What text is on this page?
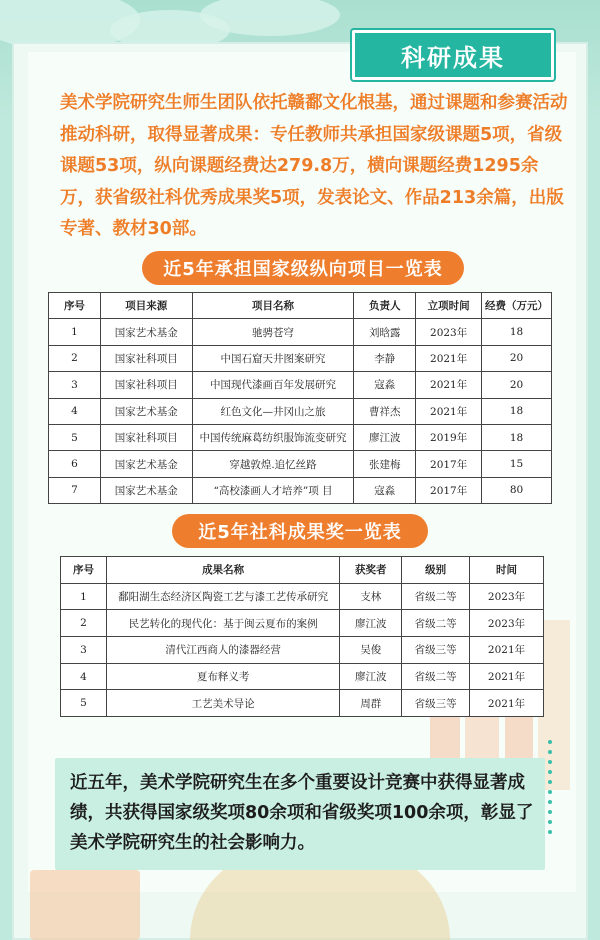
科研成果
美术学院研究生师生团队依托赣鄱文化根基，通过课题和参赛活动推动科研，取得显著成果：专任教师共承担国家级课题5项，省级课题53项，纵向课题经费达279.8万，横向课题经费1295余万，获省级社科优秀成果奖5项，发表论文、作品213余篇，出版专著、教材30部。
近5年承担国家级纵向项目一览表
序号	项目来源	项目名称	负责人	立项时间	经费（万元）
1	国家艺术基金	驰骋苍穹	刘晗露	2023年	18
2	国家社科项目	中国石窟天井图案研究	李静	2021年	20
3	国家社科项目	中国现代漆画百年发展研究	寇淼	2021年	20
4	国家艺术基金	红色文化—井冈山之旅	曹祥杰	2021年	18
5	国家社科项目	中国传统麻葛纺织服饰流变研究	廖江波	2019年	18
6	国家艺术基金	穿越敦煌.追忆丝路	张建梅	2017年	15
7	国家艺术基金	“高校漆画人才培养”项 目	寇淼	2017年	80
近5年社科成果奖一览表
序号	成果名称	获奖者	级别	时间
1	鄱阳湖生态经济区陶瓷工艺与漆工艺传承研究	支林	省级二等	2023年
2	民艺转化的现代化：基于闽云夏布的案例	廖江波	省级二等	2023年
3	清代江西商人的漆器经营	吴俊	省级三等	2021年
4	夏布释义考	廖江波	省级二等	2021年
5	工艺美术导论	周群	省级三等	2021年
近五年，美术学院研究生在多个重要设计竞赛中获得显著成绩，共获得国家级奖项80余项和省级奖项100余项，彰显了美术学院研究生的社会影响力。
